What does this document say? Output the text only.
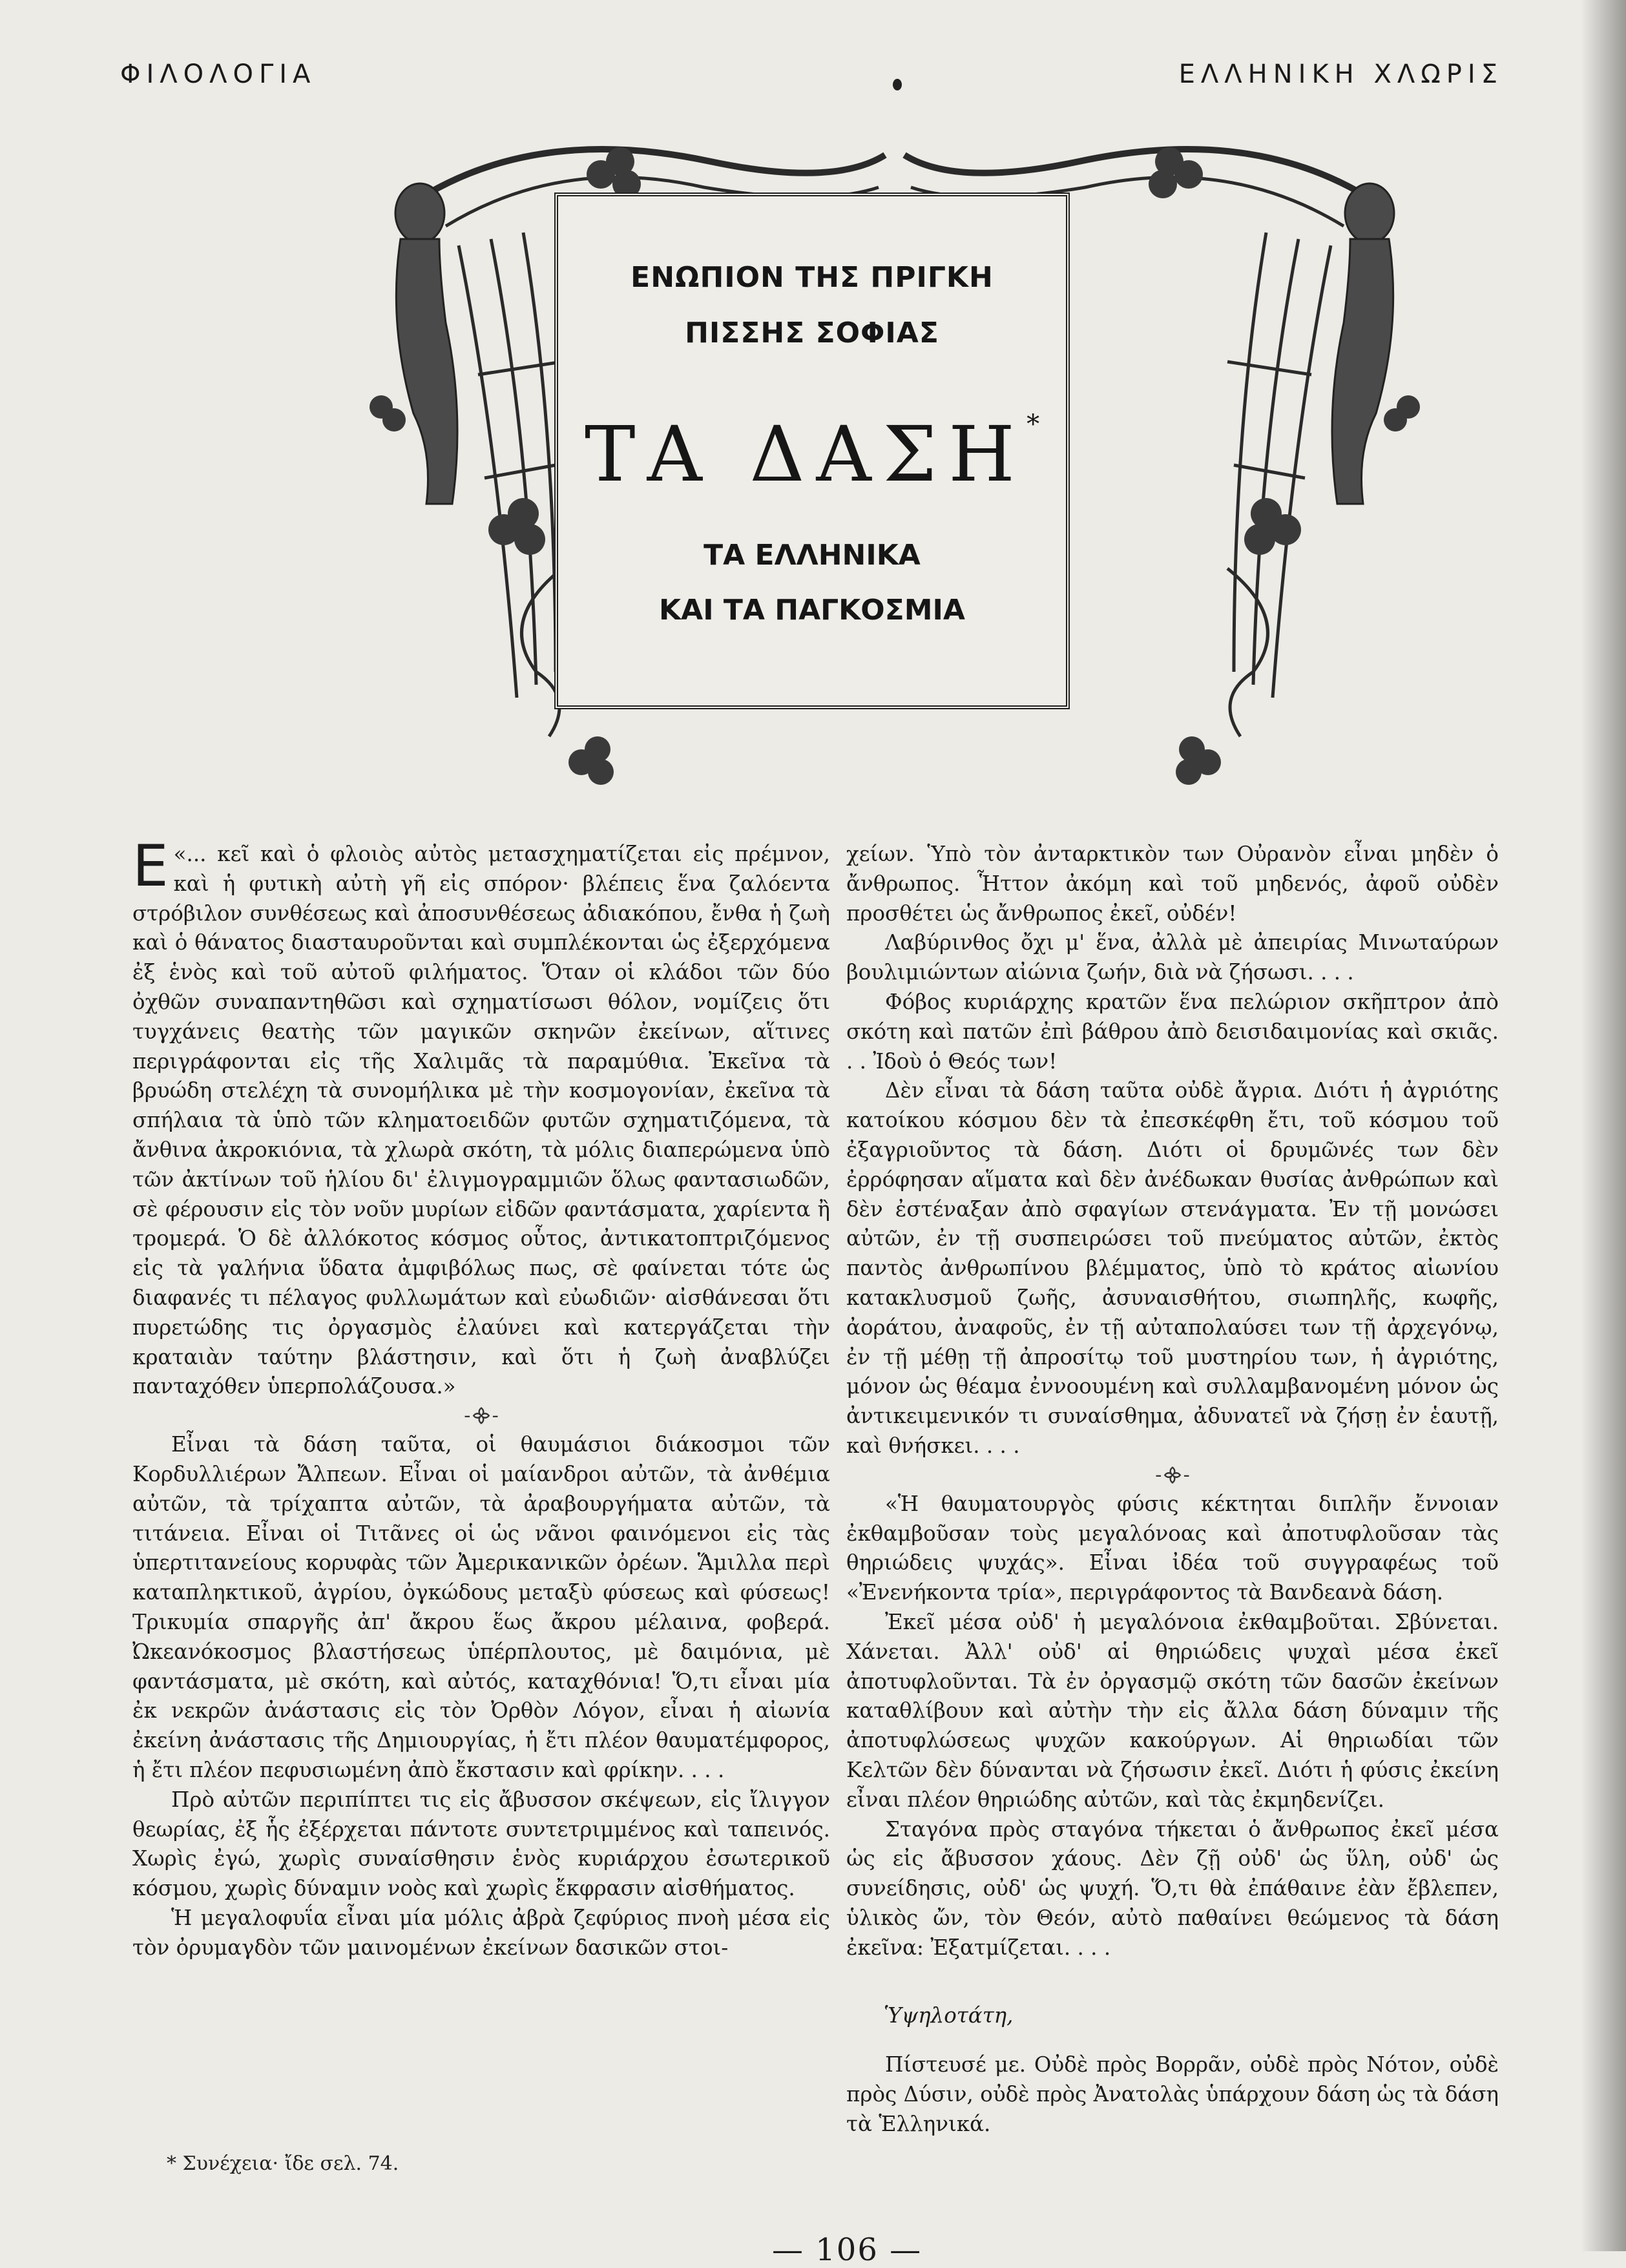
ΦΙΛΟΛΟΓΙΑ	ΕΛΛΗΝΙΚΗ ΧΛΩΡΙΣ
ΕΝΩΠΙΟΝ ΤΗΣ ΠΡΙΓΚΗ
ΠΙΣΣΗΣ ΣΟΦΙΑΣ
ΤΑ ΔΑΣΗ*
ΤΑ ΕΛΛΗΝΙΚΑ
ΚΑΙ ΤΑ ΠΑΓΚΟΣΜΙΑ

«...
Ε κεῖ καὶ ὁ φλοιὸς αὐτὸς μετασχηματίζεται εἰς πρέμνον, καὶ ἡ φυτικὴ αὐτὴ γῆ εἰς σπόρον· βλέπεις ἕνα ζαλόεντα στρόβιλον συνθέσεως καὶ ἀποσυνθέσεως ἀδιακόπου, ἔνθα ἡ ζωὴ καὶ ὁ θάνατος διασταυροῦνται καὶ συμπλέκονται ὡς ἐξερχόμενα ἐξ ἑνὸς καὶ τοῦ αὐτοῦ φιλήματος. Ὅταν οἱ κλάδοι τῶν δύο ὀχθῶν συναπαντηθῶσι καὶ σχηματίσωσι θόλον, νομίζεις ὅτι τυγχάνεις θεατὴς τῶν μαγικῶν σκηνῶν ἐκείνων, αἵτινες περιγράφονται εἰς τῆς Χαλιμᾶς τὰ παραμύθια. Ἐκεῖνα τὰ βρυώδη στελέχη τὰ συνομήλικα μὲ τὴν κοσμογονίαν, ἐκεῖνα τὰ σπήλαια τὰ ὑπὸ τῶν κληματοειδῶν φυτῶν σχηματιζόμενα, τὰ ἄνθινα ἀκροκιόνια, τὰ χλωρὰ σκότη, τὰ μόλις διαπερώμενα ὑπὸ τῶν ἀκτίνων τοῦ ἡλίου δι' ἐλιγμογραμμιῶν ὅλως φαντασιωδῶν, σὲ φέρουσιν εἰς τὸν νοῦν μυρίων εἰδῶν φαντάσματα, χαρίεντα ἢ τρομερά. Ὁ δὲ ἀλλόκοτος κόσμος οὗτος, ἀντικατοπτριζόμενος εἰς τὰ γαλήνια ὕδατα ἀμφιβόλως πως, σὲ φαίνεται τότε ὡς διαφανές τι πέλαγος φυλλωμάτων καὶ εὐωδιῶν· αἰσθάνεσαι ὅτι πυρετώδης τις ὀργασμὸς ἐλαύνει καὶ κατεργάζεται τὴν κραταιὰν ταύτην βλάστησιν, καὶ ὅτι ἡ ζωὴ ἀναβλύζει πανταχόθεν ὑπερπολάζουσα.»

-᯽-

Εἶναι τὰ δάση ταῦτα, οἱ θαυμάσιοι διάκοσμοι τῶν Κορδυλλιέρων Ἄλπεων. Εἶναι οἱ μαίανδροι αὐτῶν, τὰ ἀνθέμια αὐτῶν, τὰ τρίχαπτα αὐτῶν, τὰ ἀραβουργήματα αὐτῶν, τὰ τιτάνεια. Εἶναι οἱ Τιτᾶνες οἱ ὡς νᾶνοι φαινόμενοι εἰς τὰς ὑπερτιτανείους κορυφὰς τῶν Ἀμερικανικῶν ὀρέων. Ἅμιλλα περὶ καταπληκτικοῦ, ἀγρίου, ὀγκώδους μεταξὺ φύσεως καὶ φύσεως! Τρικυμία σπαργῆς ἀπ' ἄκρου ἕως ἄκρου μέλαινα, φοβερά. Ὠκεανόκοσμος βλαστήσεως ὑπέρπλουτος, μὲ δαιμόνια, μὲ φαντάσματα, μὲ σκότη, καὶ αὐτός, καταχθόνια! Ὅ,τι εἶναι μία ἐκ νεκρῶν ἀνάστασις εἰς τὸν Ὀρθὸν Λόγον, εἶναι ἡ αἰωνία ἐκείνη ἀνάστασις τῆς Δημιουργίας, ἡ ἔτι πλέον θαυματέμφορος, ἡ ἔτι πλέον πεφυσιωμένη ἀπὸ ἔκστασιν καὶ φρίκην. . . .

Πρὸ αὐτῶν περιπίπτει τις εἰς ἄβυσσον σκέψεων, εἰς ἴλιγγον θεωρίας, ἐξ ἧς ἐξέρχεται πάντοτε συντετριμμένος καὶ ταπεινός. Χωρὶς ἐγώ, χωρὶς συναίσθησιν ἑνὸς κυριάρχου ἐσωτερικοῦ κόσμου, χωρὶς δύναμιν νοὸς καὶ χωρὶς ἔκφρασιν αἰσθήματος.

Ἡ μεγαλοφυΐα εἶναι μία μόλις ἀβρὰ ζεφύριος πνοὴ μέσα εἰς τὸν ὀρυμαγδὸν τῶν μαινομένων ἐκείνων δασικῶν στοι-

χείων. Ὑπὸ τὸν ἀνταρκτικὸν των Οὐρανὸν εἶναι μηδὲν ὁ ἄνθρωπος. Ἧττον ἀκόμη καὶ τοῦ μηδενός, ἀφοῦ οὐδὲν προσθέτει ὡς ἄνθρωπος ἐκεῖ, οὐδέν!

Λαβύρινθος ὄχι μ' ἕνα, ἀλλὰ μὲ ἀπειρίας Μινωταύρων βουλιμιώντων αἰώνια ζωήν, διὰ νὰ ζήσωσι. . . .

Φόβος κυριάρχης κρατῶν ἕνα πελώριον σκῆπτρον ἀπὸ σκότη καὶ πατῶν ἐπὶ βάθρου ἀπὸ δεισιδαιμονίας καὶ σκιᾶς. . . Ἰδοὺ ὁ Θεός των!

Δὲν εἶναι τὰ δάση ταῦτα οὐδὲ ἄγρια. Διότι ἡ ἀγριότης κατοίκου κόσμου δὲν τὰ ἐπεσκέφθη ἔτι, τοῦ κόσμου τοῦ ἐξαγριοῦντος τὰ δάση. Διότι οἱ δρυμῶνές των δὲν ἐρρόφησαν αἵματα καὶ δὲν ἀνέδωκαν θυσίας ἀνθρώπων καὶ δὲν ἐστέναξαν ἀπὸ σφαγίων στενάγματα. Ἐν τῇ μονώσει αὐτῶν, ἐν τῇ συσπειρώσει τοῦ πνεύματος αὐτῶν, ἐκτὸς παντὸς ἀνθρωπίνου βλέμματος, ὑπὸ τὸ κράτος αἰωνίου κατακλυσμοῦ ζωῆς, ἀσυναισθήτου, σιωπηλῆς, κωφῆς, ἀοράτου, ἀναφοῦς, ἐν τῇ αὐταπολαύσει των τῇ ἀρχεγόνῳ, ἐν τῇ μέθῃ τῇ ἀπροσίτῳ τοῦ μυστηρίου των, ἡ ἀγριότης, μόνον ὡς θέαμα ἐννοουμένη καὶ συλλαμβανομένη μόνον ὡς ἀντικειμενικόν τι συναίσθημα, ἀδυνατεῖ νὰ ζήσῃ ἐν ἑαυτῇ, καὶ θνήσκει. . . .

-᯽-

«Ἡ θαυματουργὸς φύσις κέκτηται διπλῆν ἔννοιαν ἐκθαμβοῦσαν τοὺς μεγαλόνοας καὶ ἀποτυφλοῦσαν τὰς θηριώδεις ψυχάς». Εἶναι ἰδέα τοῦ συγγραφέως τοῦ «Ἐνενήκοντα τρία», περιγράφοντος τὰ Βανδεανὰ δάση.

Ἐκεῖ μέσα οὐδ' ἡ μεγαλόνοια ἐκθαμβοῦται. Σβύνεται. Χάνεται. Ἀλλ' οὐδ' αἱ θηριώδεις ψυχαὶ μέσα ἐκεῖ ἀποτυφλοῦνται. Τὰ ἐν ὀργασμῷ σκότη τῶν δασῶν ἐκείνων καταθλίβουν καὶ αὐτὴν τὴν εἰς ἄλλα δάση δύναμιν τῆς ἀποτυφλώσεως ψυχῶν κακούργων. Αἱ θηριωδίαι τῶν Κελτῶν δὲν δύνανται νὰ ζήσωσιν ἐκεῖ. Διότι ἡ φύσις ἐκείνη εἶναι πλέον θηριώδης αὐτῶν, καὶ τὰς ἐκμηδενίζει.

Σταγόνα πρὸς σταγόνα τήκεται ὁ ἄνθρωπος ἐκεῖ μέσα ὡς εἰς ἄβυσσον χάους. Δὲν ζῇ οὐδ' ὡς ὕλη, οὐδ' ὡς συνείδησις, οὐδ' ὡς ψυχή. Ὅ,τι θὰ ἐπάθαινε ἐὰν ἔβλεπεν, ὑλικὸς ὤν, τὸν Θεόν, αὐτὸ παθαίνει θεώμενος τὰ δάση ἐκεῖνα: Ἐξατμίζεται. . . .

Ὑψηλοτάτη,

Πίστευσέ με. Οὐδὲ πρὸς Βορρᾶν, οὐδὲ πρὸς Νότον, οὐδὲ πρὸς Δύσιν, οὐδὲ πρὸς Ἀνατολὰς ὑπάρχουν δάση ὡς τὰ δάση τὰ Ἑλληνικά.

* Συνέχεια· ἴδε σελ. 74.
— 106 —
